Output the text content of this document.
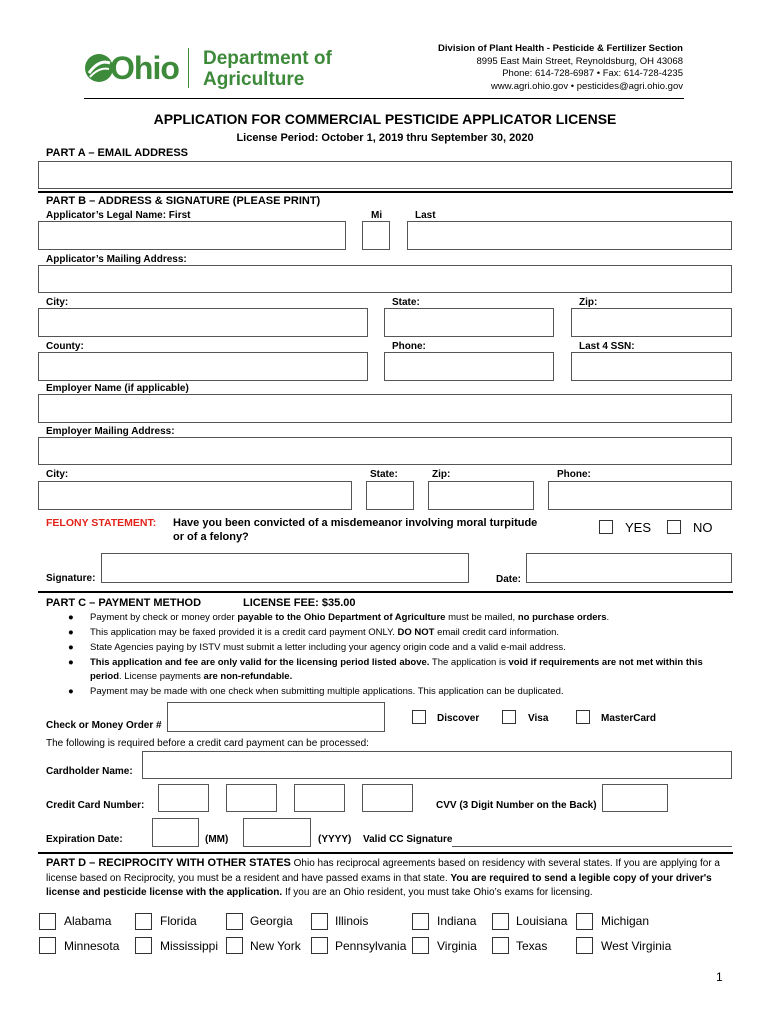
Ohio Department of
Agriculture
Division of Plant Health - Pesticide & Fertilizer Section
8995 East Main Street, Reynoldsburg, OH 43068
Phone: 614-728-6987 • Fax: 614-728-4235
www.agri.ohio.gov • pesticides@agri.ohio.gov
APPLICATION FOR COMMERCIAL PESTICIDE APPLICATOR LICENSE
License Period: October 1, 2019 thru September 30, 2020
PART A – EMAIL ADDRESS
PART B – ADDRESS & SIGNATURE (PLEASE PRINT)
Applicator’s Legal Name: First	Mi	Last
Applicator’s Mailing Address:
City:	State:	Zip:
County:	Phone:	Last 4 SSN:
Employer Name (if applicable)
Employer Mailing Address:
City:	State:	Zip:	Phone:
FELONY STATEMENT: Have you been convicted of a misdemeanor involving moral turpitude
or of a felony?
YES	NO
Signature:	Date:
PART C – PAYMENT METHOD	LICENSE FEE: $35.00
● Payment by check or money order payable to the Ohio Department of Agriculture must be mailed, no purchase orders.
● This application may be faxed provided it is a credit card payment ONLY. DO NOT email credit card information.
● State Agencies paying by ISTV must submit a letter including your agency origin code and a valid e-mail address.
● This application and fee are only valid for the licensing period listed above. The application is void if requirements are not met within this period. License payments are non-refundable.
● Payment may be made with one check when submitting multiple applications. This application can be duplicated.
Check or Money Order #
Discover	Visa	MasterCard
The following is required before a credit card payment can be processed:
Cardholder Name:
Credit Card Number:	CVV (3 Digit Number on the Back)
Expiration Date:	(MM)	(YYYY) Valid CC Signature
PART D – RECIPROCITY WITH OTHER STATES Ohio has reciprocal agreements based on residency with several states. If you are applying for a license based on Reciprocity, you must be a resident and have passed exams in that state. You are required to send a legible copy of your driver's license and pesticide license with the application. If you are an Ohio resident, you must take Ohio’s exams for licensing.
Alabama	Florida	Georgia	Illinois	Indiana	Louisiana	Michigan
Minnesota	Mississippi	New York	Pennsylvania	Virginia	Texas	West Virginia
1
